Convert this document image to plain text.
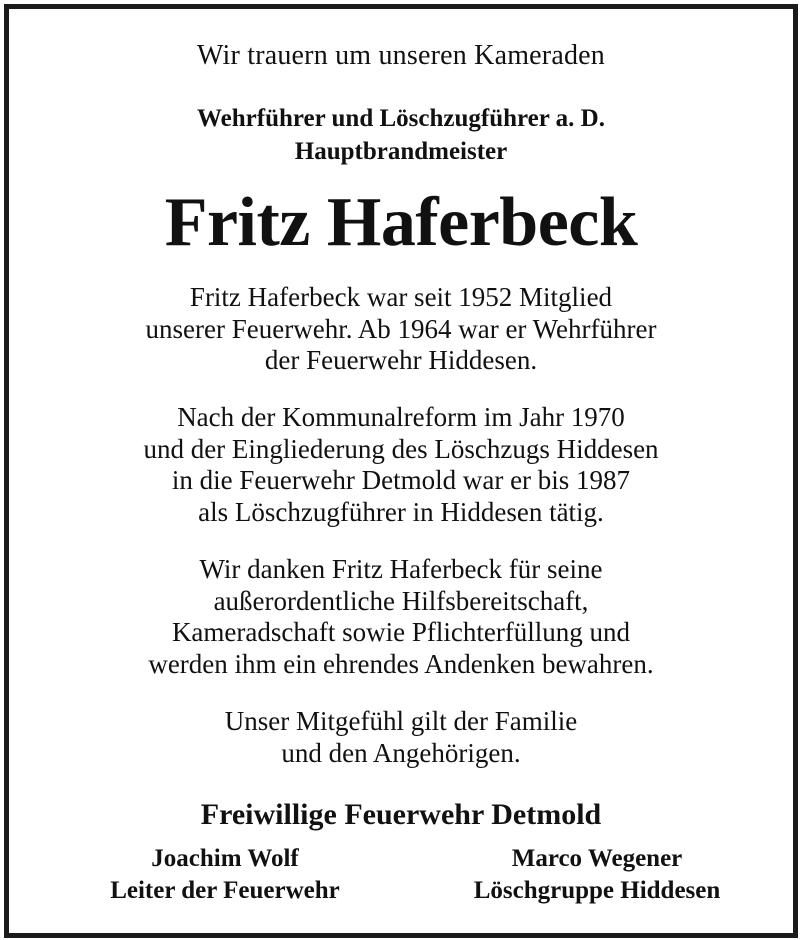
Wir trauern um unseren Kameraden
Wehrführer und Löschzugführer a. D.
Hauptbrandmeister
Fritz Haferbeck
Fritz Haferbeck war seit 1952 Mitglied
unserer Feuerwehr. Ab 1964 war er Wehrführer
der Feuerwehr Hiddesen.
Nach der Kommunalreform im Jahr 1970
und der Eingliederung des Löschzugs Hiddesen
in die Feuerwehr Detmold war er bis 1987
als Löschzugführer in Hiddesen tätig.
Wir danken Fritz Haferbeck für seine
außerordentliche Hilfsbereitschaft,
Kameradschaft sowie Pflichterfüllung und
werden ihm ein ehrendes Andenken bewahren.
Unser Mitgefühl gilt der Familie
und den Angehörigen.
Freiwillige Feuerwehr Detmold
Joachim Wolf
Leiter der Feuerwehr
Marco Wegener
Löschgruppe Hiddesen
